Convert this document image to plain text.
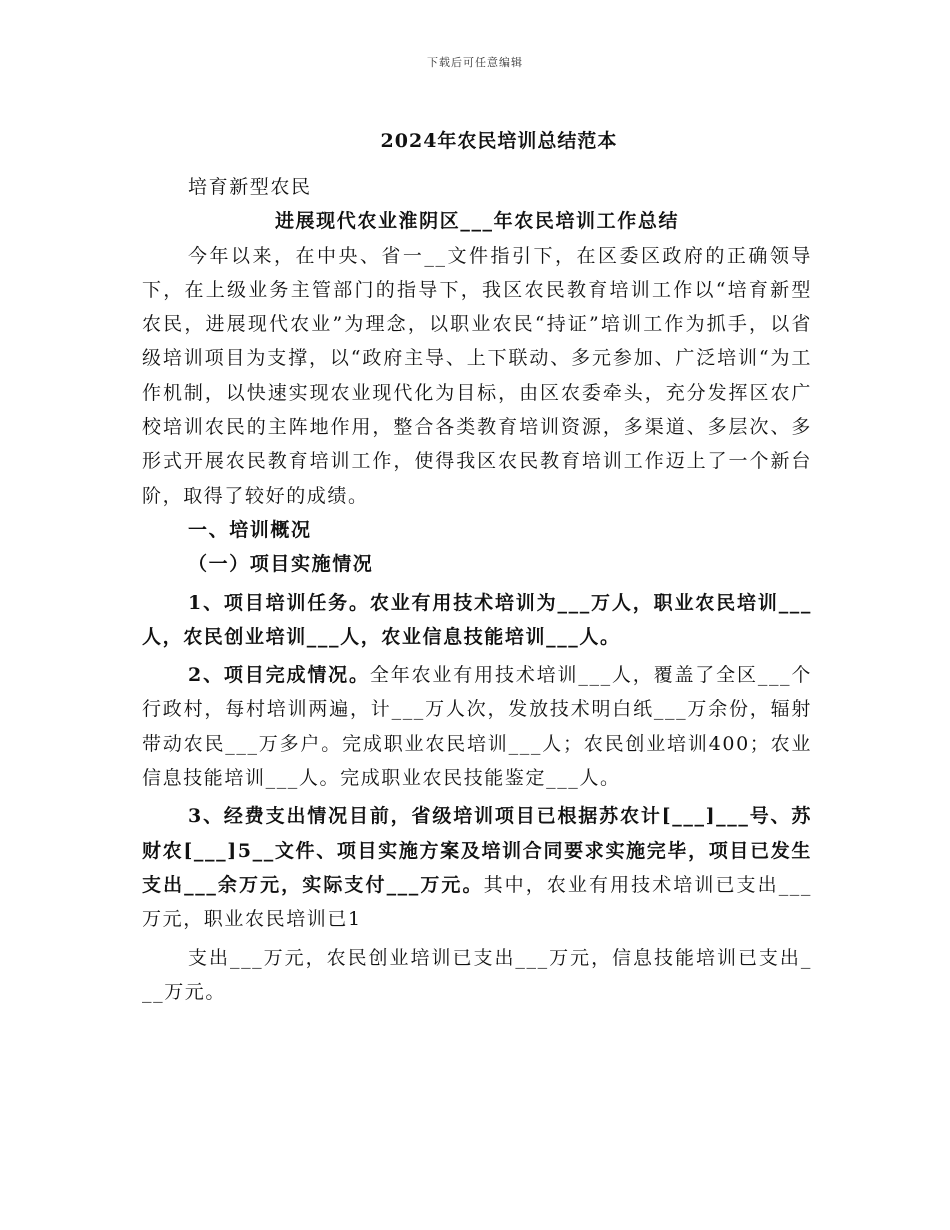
下载后可任意编辑
2024年农民培训总结范本

培育新型农民

进展现代农业淮阴区___年农民培训工作总结

今年以来，在中央、省一__文件指引下，在区委区政府的正确领导下，在上级业务主管部门的指导下，我区农民教育培训工作以“培育新型农民，进展现代农业”为理念，以职业农民“持证”培训工作为抓手，以省级培训项目为支撑，以“政府主导、上下联动、多元参加、广泛培训“为工作机制，以快速实现农业现代化为目标，由区农委牵头，充分发挥区农广校培训农民的主阵地作用，整合各类教育培训资源，多渠道、多层次、多形式开展农民教育培训工作，使得我区农民教育培训工作迈上了一个新台阶，取得了较好的成绩。

一、培训概况

（一）项目实施情况

1、项目培训任务。农业有用技术培训为___万人，职业农民培训___人，农民创业培训___人，农业信息技能培训___人。

2、项目完成情况。全年农业有用技术培训___人，覆盖了全区___个行政村，每村培训两遍，计___万人次，发放技术明白纸___万余份，辐射带动农民___万多户。完成职业农民培训___人；农民创业培训400；农业信息技能培训___人。完成职业农民技能鉴定___人。

3、经费支出情况目前，省级培训项目已根据苏农计[___]___号、苏财农[___]5__文件、项目实施方案及培训合同要求实施完毕，项目已发生支出___余万元，实际支付___万元。其中，农业有用技术培训已支出___万元，职业农民培训已1

支出___万元，农民创业培训已支出___万元，信息技能培训已支出___万元。
